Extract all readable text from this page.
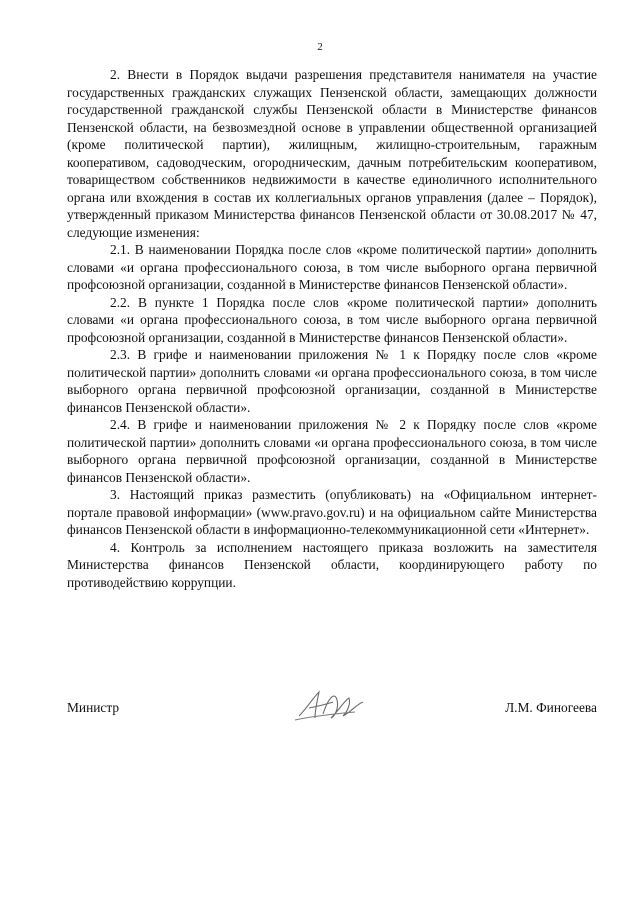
2

2. Внести в Порядок выдачи разрешения представителя нанимателя на участие государственных гражданских служащих Пензенской области, замещающих должности государственной гражданской службы Пензенской области в Министерстве финансов Пензенской области, на безвозмездной основе в управлении общественной организацией (кроме политической партии), жилищным, жилищно-строительным, гаражным кооперативом, садоводческим, огородническим, дачным потребительским кооперативом, товариществом собственников недвижимости в качестве единоличного исполнительного органа или вхождения в состав их коллегиальных органов управления (далее – Порядок), утвержденный приказом Министерства финансов Пензенской области от 30.08.2017 № 47, следующие изменения:

2.1. В наименовании Порядка после слов «кроме политической партии» дополнить словами «и органа профессионального союза, в том числе выборного органа первичной профсоюзной организации, созданной в Министерстве финансов Пензенской области».

2.2. В пункте 1 Порядка после слов «кроме политической партии» дополнить словами «и органа профессионального союза, в том числе выборного органа первичной профсоюзной организации, созданной в Министерстве финансов Пензенской области».

2.3. В грифе и наименовании приложения № 1 к Порядку после слов «кроме политической партии» дополнить словами «и органа профессионального союза, в том числе выборного органа первичной профсоюзной организации, созданной в Министерстве финансов Пензенской области».

2.4. В грифе и наименовании приложения № 2 к Порядку после слов «кроме политической партии» дополнить словами «и органа профессионального союза, в том числе выборного органа первичной профсоюзной организации, созданной в Министерстве финансов Пензенской области».

3. Настоящий приказ разместить (опубликовать) на «Официальном интернет-портале правовой информации» (www.pravo.gov.ru) и на официальном сайте Министерства финансов Пензенской области в информационно-телекоммуникационной сети «Интернет».

4. Контроль за исполнением настоящего приказа возложить на заместителя Министерства финансов Пензенской области, координирующего работу по противодействию коррупции.

Министр	Л.М. Финогеева
